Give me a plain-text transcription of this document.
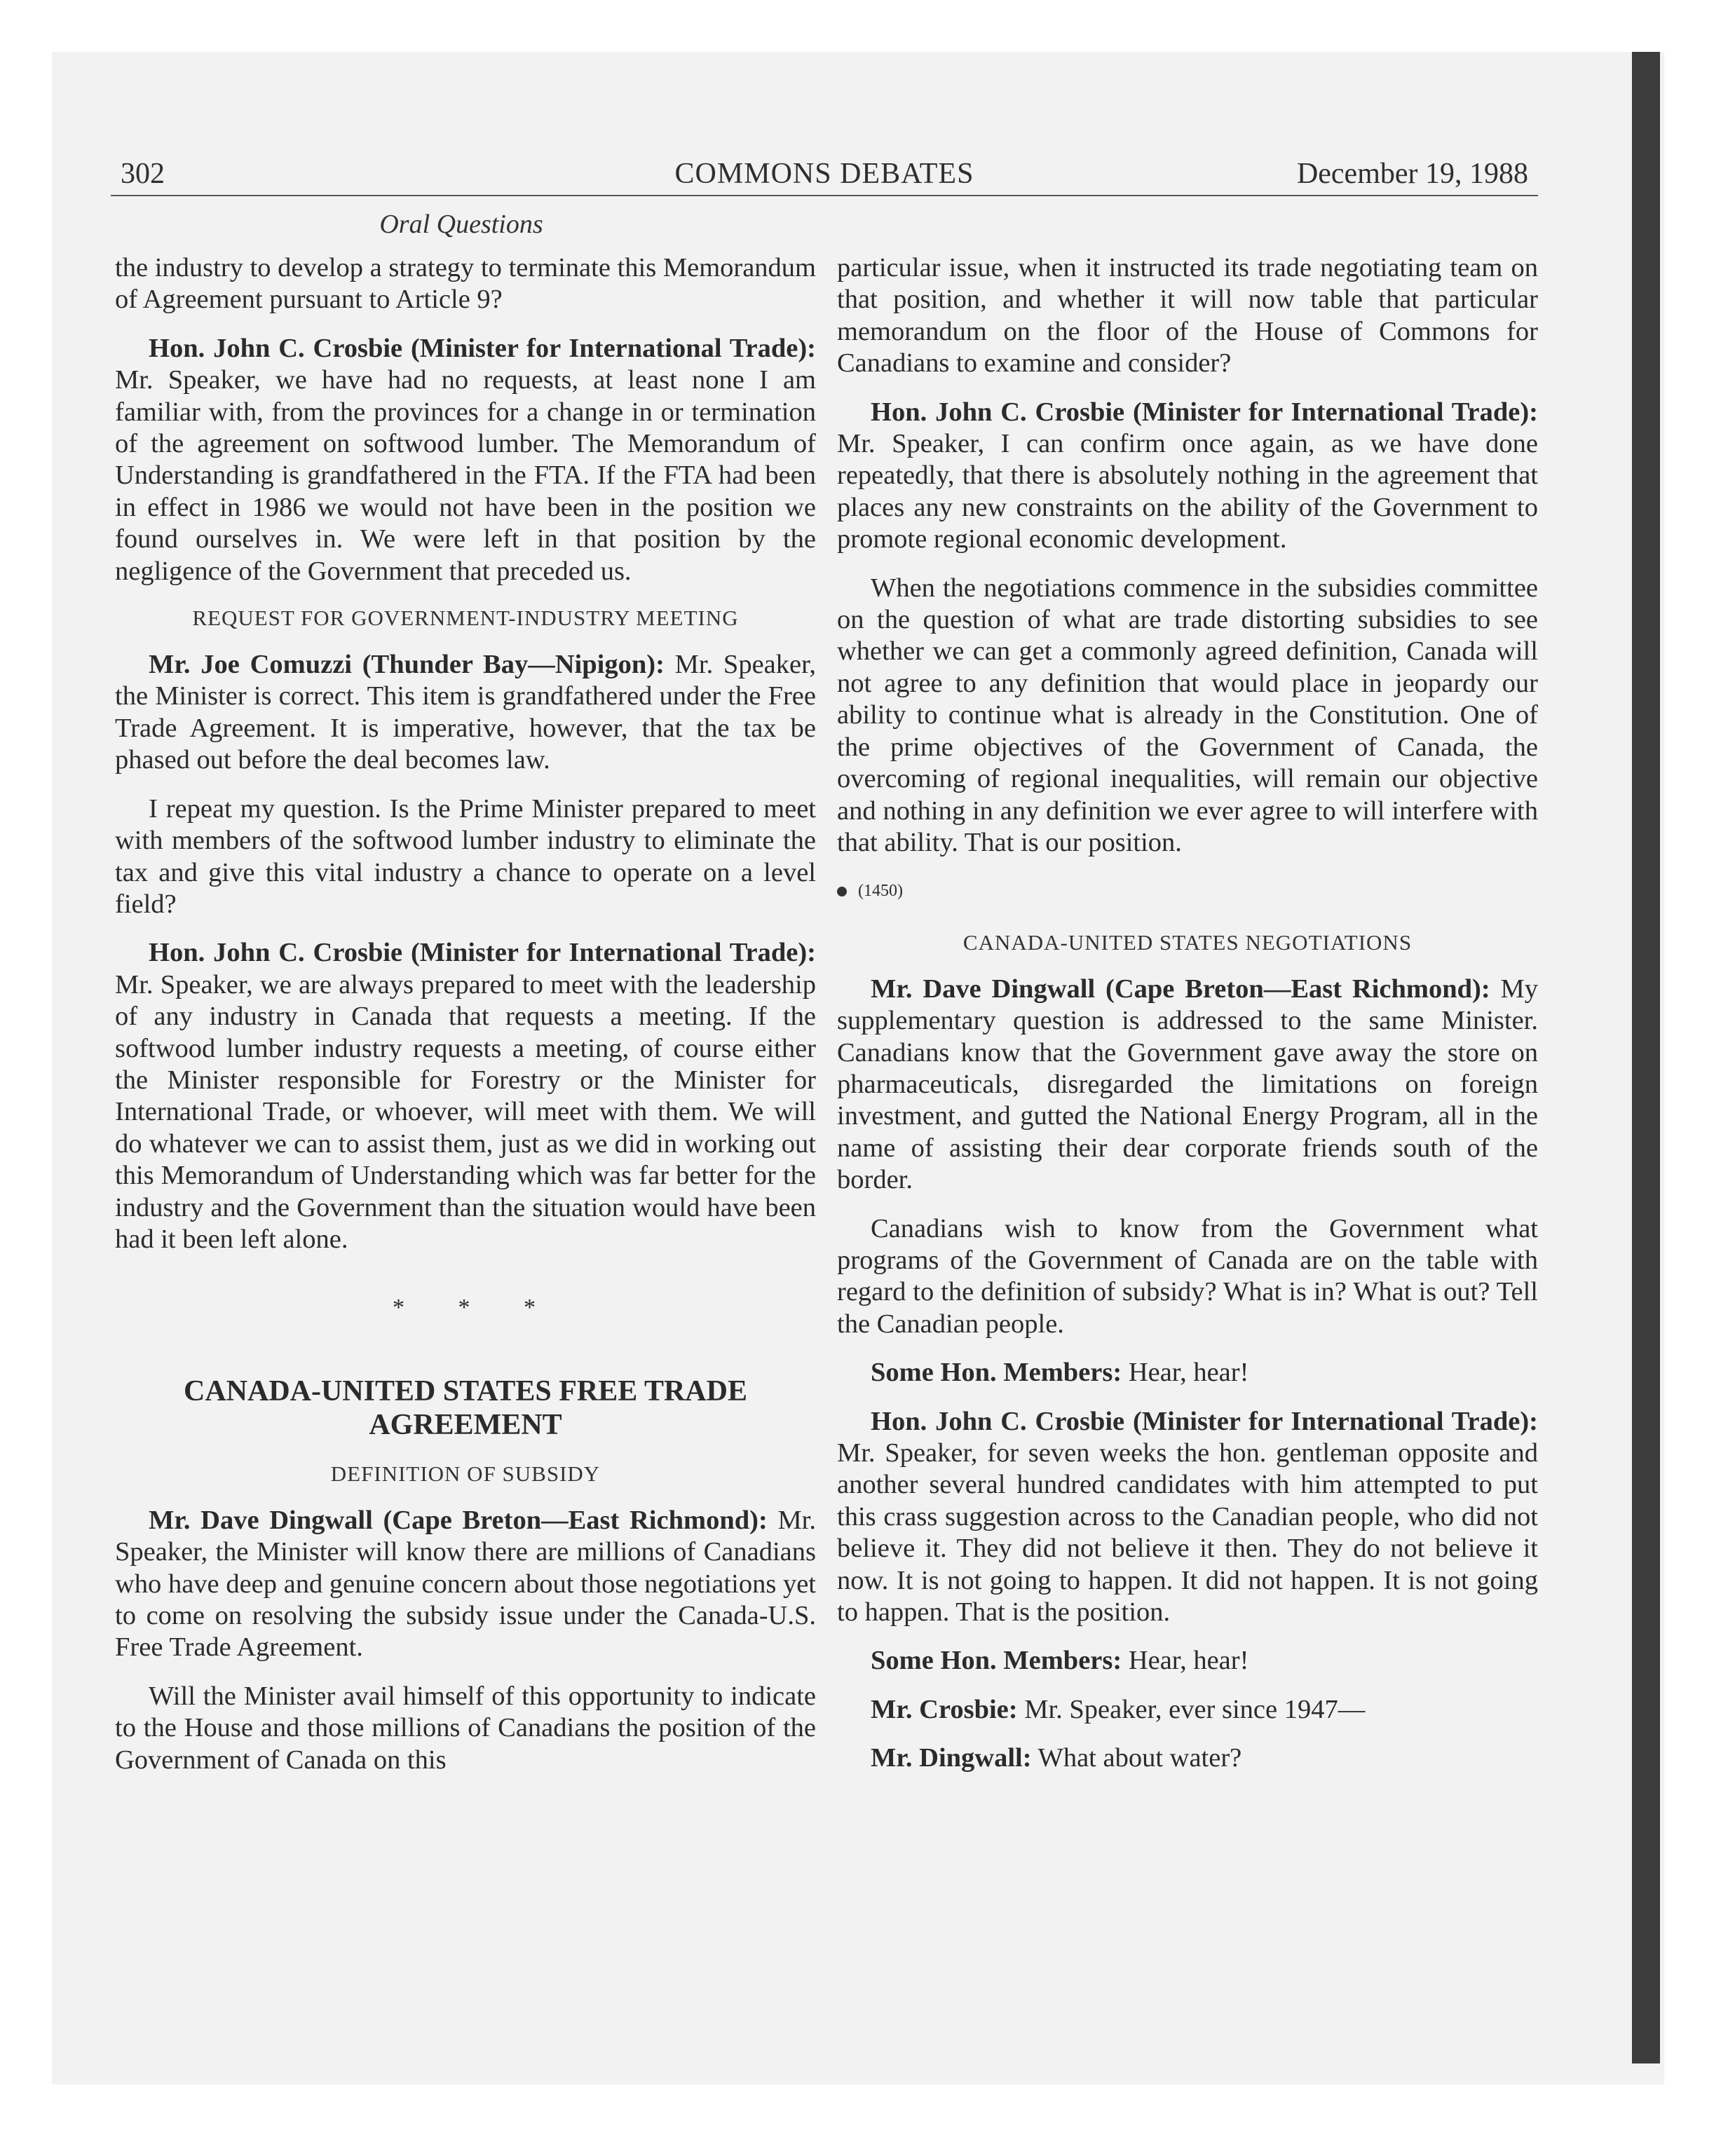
302	COMMONS DEBATES	December 19, 1988
Oral Questions

the industry to develop a strategy to terminate this Memorandum of Agreement pursuant to Article 9?

Hon. John C. Crosbie (Minister for International Trade): Mr. Speaker, we have had no requests, at least none I am familiar with, from the provinces for a change in or termination of the agreement on softwood lumber. The Memorandum of Understanding is grandfathered in the FTA. If the FTA had been in effect in 1986 we would not have been in the position we found ourselves in. We were left in that position by the negligence of the Government that preceded us.

REQUEST FOR GOVERNMENT-INDUSTRY MEETING

Mr. Joe Comuzzi (Thunder Bay—Nipigon): Mr. Speaker, the Minister is correct. This item is grandfathered under the Free Trade Agreement. It is imperative, however, that the tax be phased out before the deal becomes law.

I repeat my question. Is the Prime Minister prepared to meet with members of the softwood lumber industry to eliminate the tax and give this vital industry a chance to operate on a level field?

Hon. John C. Crosbie (Minister for International Trade): Mr. Speaker, we are always prepared to meet with the leadership of any industry in Canada that requests a meeting. If the softwood lumber industry requests a meeting, of course either the Minister responsible for Forestry or the Minister for International Trade, or whoever, will meet with them. We will do whatever we can to assist them, just as we did in working out this Memorandum of Understanding which was far better for the industry and the Government than the situation would have been had it been left alone.

* * *
CANADA-UNITED STATES FREE TRADE AGREEMENT
DEFINITION OF SUBSIDY

Mr. Dave Dingwall (Cape Breton—East Richmond): Mr. Speaker, the Minister will know there are millions of Canadians who have deep and genuine concern about those negotiations yet to come on resolving the subsidy issue under the Canada-U.S. Free Trade Agreement.

Will the Minister avail himself of this opportunity to indicate to the House and those millions of Canadians the position of the Government of Canada on this

particular issue, when it instructed its trade negotiating team on that position, and whether it will now table that particular memorandum on the floor of the House of Commons for Canadians to examine and consider?

Hon. John C. Crosbie (Minister for International Trade): Mr. Speaker, I can confirm once again, as we have done repeatedly, that there is absolutely nothing in the agreement that places any new constraints on the ability of the Government to promote regional economic development.

When the negotiations commence in the subsidies committee on the question of what are trade distorting subsidies to see whether we can get a commonly agreed definition, Canada will not agree to any definition that would place in jeopardy our ability to continue what is already in the Constitution. One of the prime objectives of the Government of Canada, the overcoming of regional inequalities, will remain our objective and nothing in any definition we ever agree to will interfere with that ability. That is our position.

(1450)
CANADA-UNITED STATES NEGOTIATIONS

Mr. Dave Dingwall (Cape Breton—East Richmond): My supplementary question is addressed to the same Minister. Canadians know that the Government gave away the store on pharmaceuticals, disregarded the limitations on foreign investment, and gutted the National Energy Program, all in the name of assisting their dear corporate friends south of the border.

Canadians wish to know from the Government what programs of the Government of Canada are on the table with regard to the definition of subsidy? What is in? What is out? Tell the Canadian people.

Some Hon. Members: Hear, hear!

Hon. John C. Crosbie (Minister for International Trade): Mr. Speaker, for seven weeks the hon. gentleman opposite and another several hundred candidates with him attempted to put this crass suggestion across to the Canadian people, who did not believe it. They did not believe it then. They do not believe it now. It is not going to happen. It did not happen. It is not going to happen. That is the position.

Some Hon. Members: Hear, hear!

Mr. Crosbie: Mr. Speaker, ever since 1947—

Mr. Dingwall: What about water?
